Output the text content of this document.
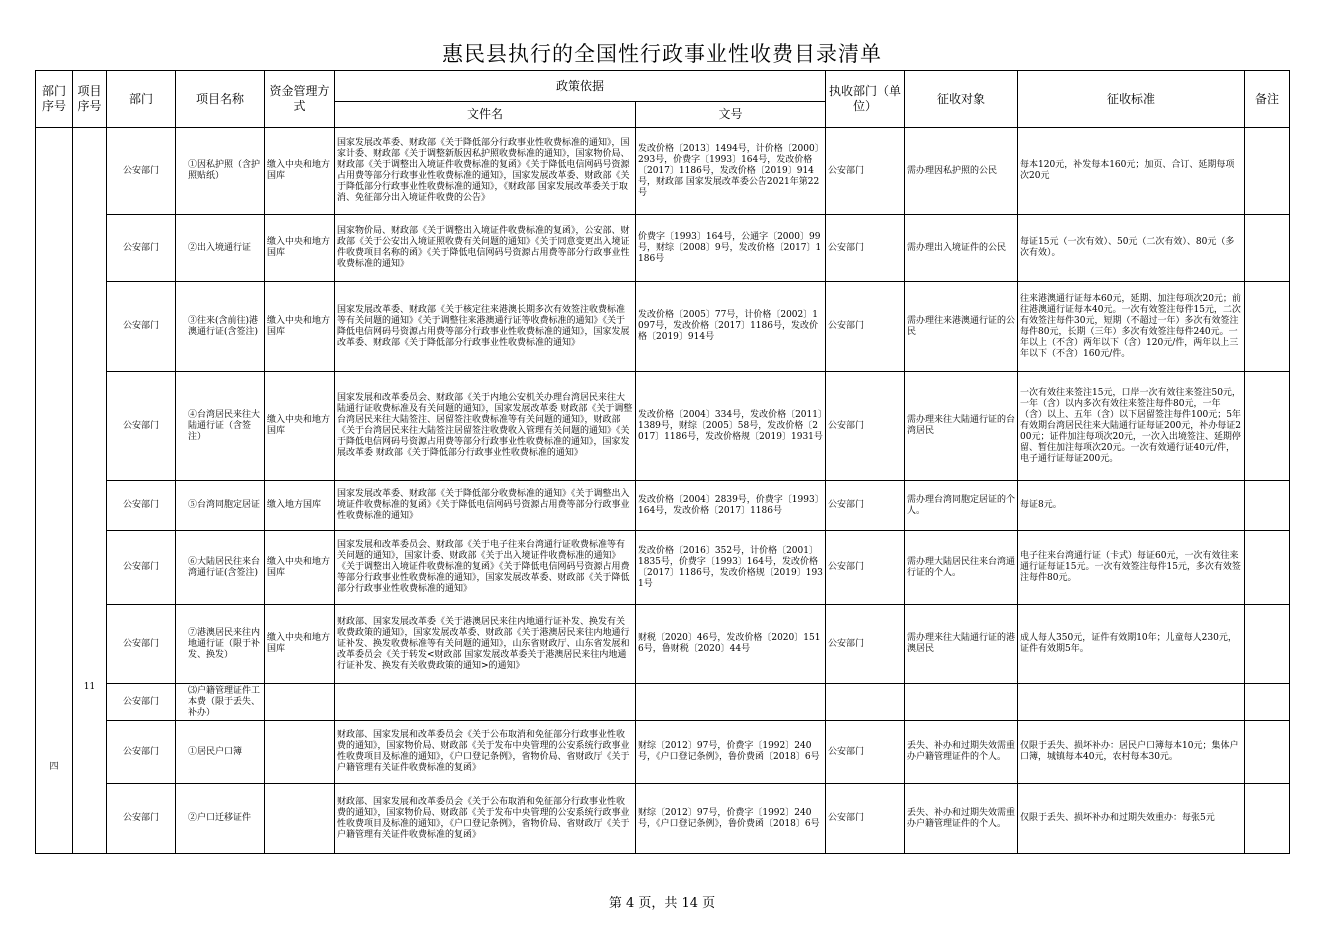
惠民县执行的全国性行政事业性收费目录清单
部门序号	项目序号	部门	项目名称	资金管理方式	政策依据		执收部门（单位）	征收对象	征收标准	备注
					文件名	文号				
四	11	公安部门	①因私护照（含护照贴纸）	缴入中央和地方国库	国家发展改革委、财政部《关于降低部分行政事业性收费标准的通知》，国家计委、财政部《关于调整新版因私护照收费标准的通知》，国家物价局、财政部《关于调整出入境证件收费标准的复函》《关于降低电信网码号资源占用费等部分行政事业性收费标准的通知》，国家发展改革委、财政部《关于降低部分行政事业性收费标准的通知》，《财政部 国家发展改革委关于取消、免征部分出入境证件收费的公告》	发改价格〔2013〕1494号，计价格〔2000〕293号，价费字〔1993〕164号，发改价格〔2017〕1186号，发改价格〔2019〕914号，财政部 国家发展改革委公告2021年第22号	公安部门	需办理因私护照的公民	每本120元，补发每本160元；加页、合订、延期每项次20元	
		公安部门	②出入境通行证	缴入中央和地方国库	国家物价局、财政部《关于调整出入境证件收费标准的复函》，公安部、财政部《关于公安出入境证照收费有关问题的通知》《关于同意变更出入境证件收费项目名称的函》《关于降低电信网码号资源占用费等部分行政事业性收费标准的通知》	价费字〔1993〕164号，公通字〔2000〕99号，财综〔2008〕9号，发改价格〔2017〕1186号	公安部门	需办理出入境证件的公民	每证15元（一次有效）、50元（二次有效）、80元（多次有效）。	
		公安部门	③往来(含前往)港澳通行证(含签注)	缴入中央和地方国库	国家发展改革委、财政部《关于核定往来港澳长期多次有效签注收费标准等有关问题的通知》《关于调整往来港澳通行证等收费标准的通知》《关于降低电信网码号资源占用费等部分行政事业性收费标准的通知》，国家发展改革委、财政部《关于降低部分行政事业性收费标准的通知》	发改价格〔2005〕77号，计价格〔2002〕1097号，发改价格〔2017〕1186号，发改价格〔2019〕914号	公安部门	需办理往来港澳通行证的公民	往来港澳通行证每本60元，延期、加注每项次20元；前往港澳通行证每本40元。一次有效签注每件15元，二次有效签注每件30元，短期（不超过一年）多次有效签注每件80元，长期（三年）多次有效签注每件240元。一年以上（不含）两年以下（含）120元/件，两年以上三年以下（不含）160元/件。	
		公安部门	④台湾居民来往大陆通行证（含签注）	缴入中央和地方国库	国家发展和改革委员会、财政部《关于内地公安机关办理台湾居民来往大陆通行证收费标准及有关问题的通知》，国家发展改革委 财政部《关于调整台湾居民来往大陆签注、居留签注收费标准等有关问题的通知》，财政部《关于台湾居民来往大陆签注居留签注收费收入管理有关问题的通知》《关于降低电信网码号资源占用费等部分行政事业性收费标准的通知》，国家发展改革委 财政部《关于降低部分行政事业性收费标准的通知》	发改价格〔2004〕334号，发改价格〔2011〕1389号，财综〔2005〕58号，发改价格〔2017〕1186号，发改价格规〔2019〕1931号	公安部门	需办理来往大陆通行证的台湾居民	一次有效往来签注15元，口岸一次有效往来签注50元，一年（含）以内多次有效往来签注每件80元，一年（含）以上、五年（含）以下居留签注每件100元；5年有效期台湾居民往来大陆通行证每证200元，补办每证200元；证件加注每项次20元，一次入出境签注、延期停留、暂住加注每项次20元。一次有效通行证40元/件，电子通行证每证200元。	
		公安部门	⑤台湾同胞定居证	缴入地方国库	国家发展改革委、财政部《关于降低部分收费标准的通知》《关于调整出入境证件收费标准的复函》《关于降低电信网码号资源占用费等部分行政事业性收费标准的通知》	发改价格〔2004〕2839号，价费字〔1993〕164号，发改价格〔2017〕1186号	公安部门	需办理台湾同胞定居证的个人。	每证8元。	
		公安部门	⑥大陆居民往来台湾通行证(含签注)	缴入中央和地方国库	国家发展和改革委员会、财政部《关于电子往来台湾通行证收费标准等有关问题的通知》，国家计委、财政部《关于出入境证件收费标准的通知》《关于调整出入境证件收费标准的复函》《关于降低电信网码号资源占用费等部分行政事业性收费标准的通知》，国家发展改革委、财政部《关于降低部分行政事业性收费标准的通知》	发改价格〔2016〕352号，计价格〔2001〕1835号，价费字〔1993〕164号，发改价格〔2017〕1186号，发改价格规〔2019〕1931号	公安部门	需办理大陆居民往来台湾通行证的个人。	电子往来台湾通行证（卡式）每证60元，一次有效往来通行证每证15元。一次有效签注每件15元，多次有效签注每件80元。	
		公安部门	⑦港澳居民来往内地通行证（限于补发、换发）	缴入中央和地方国库	财政部、国家发展改革委《关于港澳居民来往内地通行证补发、换发有关收费政策的通知》，国家发展改革委、财政部《关于港澳居民来往内地通行证补发、换发收费标准等有关问题的通知》，山东省财政厅、山东省发展和改革委员会《关于转发<财政部 国家发展改革委关于港澳居民来往内地通行证补发、换发有关收费政策的通知>的通知》	财税〔2020〕46号，发改价格〔2020〕1516号，鲁财税〔2020〕44号	公安部门	需办理来往大陆通行证的港澳居民	成人每人350元，证件有效期10年；儿童每人230元，证件有效期5年。	
		公安部门	⑶户籍管理证件工本费（限于丢失、补办）							
		公安部门	①居民户口簿		财政部、国家发展和改革委员会《关于公布取消和免征部分行政事业性收费的通知》，国家物价局、财政部《关于发布中央管理的公安系统行政事业性收费项目及标准的通知》，《户口登记条例》，省物价局、省财政厅《关于户籍管理有关证件收费标准的复函》	财综〔2012〕97号，价费字〔1992〕240号，《户口登记条例》，鲁价费函〔2018〕6号	公安部门	丢失、补办和过期失效需重办户籍管理证件的个人。	仅限于丢失、损坏补办：居民户口簿每本10元；集体户口簿，城镇每本40元，农村每本30元。	
		公安部门	②户口迁移证件		财政部、国家发展和改革委员会《关于公布取消和免征部分行政事业性收费的通知》，国家物价局、财政部《关于发布中央管理的公安系统行政事业性收费项目及标准的通知》，《户口登记条例》，省物价局、省财政厅《关于户籍管理有关证件收费标准的复函》	财综〔2012〕97号，价费字〔1992〕240号，《户口登记条例》，鲁价费函〔2018〕6号	公安部门	丢失、补办和过期失效需重办户籍管理证件的个人。	仅限于丢失、损坏补办和过期失效重办：每张5元	
第 4 页，共 14 页
